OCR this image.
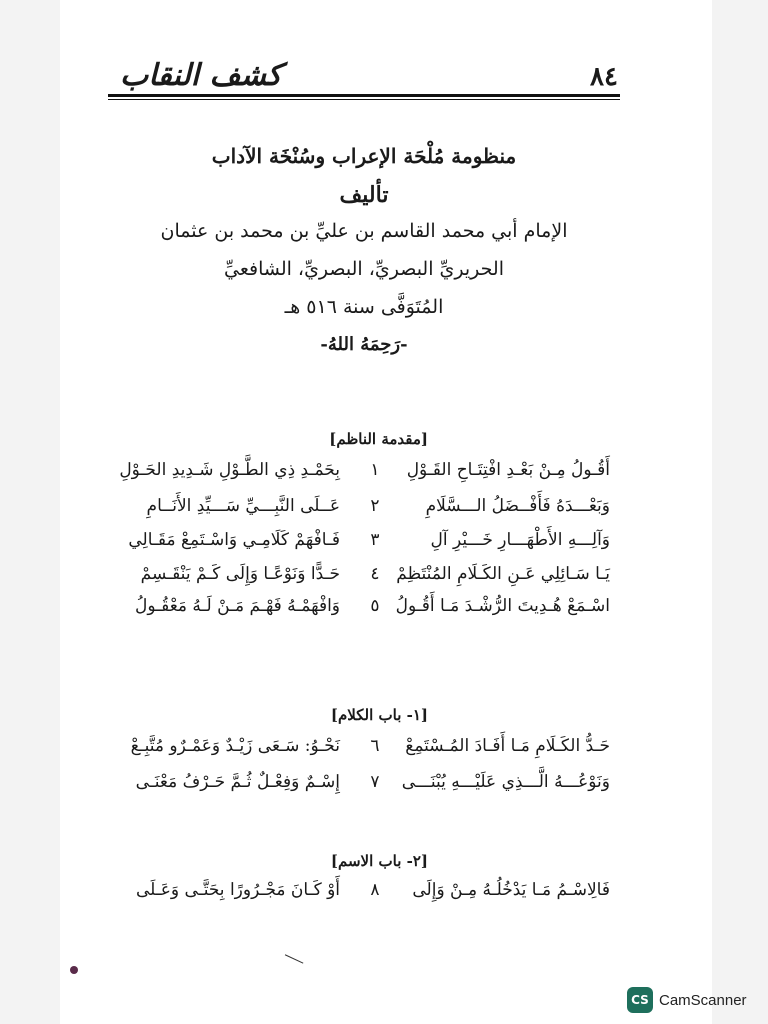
٨٤
كشف النقاب
منظومة مُلْحَة الإعراب وسُنْخَة الآداب
تأليف
الإمام أبي محمد القاسم بن عليِّ بن محمد بن عثمان
الحريريِّ البصريِّ، البصريِّ، الشافعيِّ
المُتَوَفَّى سنة ٥١٦ هـ
-رَحِمَهُ اللهُ-
[مقدمة الناظم]
أَقُـولُ مِـنْ بَعْـدِ افْتِتَـاحِ القَـوْلِ
١
بِحَمْـدِ ذِي الطَّـوْلِ شَـدِيدِ الحَـوْلِ
وَبَعْـــدَهُ فَأَفْــضَلُ الـــسَّلَامِ
٢
عَــلَى النَّبِـــيِّ سَـــيِّدِ الأَنَــامِ
وَآلِـــهِ الأَطْهَـــارِ خَـــيْرِ آلِ
٣
فَـافْهَمْ كَلَامِـي وَاسْـتَمِعْ مَقَـالِي
يَـا سَـائِلِي عَـنِ الكَـلَامِ المُنْتَظِمْ
٤
حَـدًّا وَنَوْعًـا وَإِلَى كَـمْ يَنْقَـسِمْ
اسْـمَعْ هُـدِيتَ الرُّشْـدَ مَـا أَقُـولُ
٥
وَافْهَمْـهُ فَهْـمَ مَـنْ لَـهُ مَعْقُـولُ
[١- باب الكلام]
حَـدُّ الكَـلَامِ مَـا أَفَـادَ المُـسْتَمِعْ
٦
نَحْـوُ: سَـعَى زَيْـدٌ وَعَمْـرٌو مُتَّبِـعْ
وَنَوْعُـــهُ الَّـــذِي عَلَيْـــهِ يُبْنَـــى
٧
إِسْـمٌ وَفِعْـلٌ ثُـمَّ حَـرْفُ مَعْنَـى
[٢- باب الاسم]
فَالِاسْـمُ مَـا يَدْخُلُـهُ مِـنْ وَإِلَى
٨
أَوْ كَـانَ مَجْـرُورًا بِحَتَّـى وَعَـلَى
CS CamScanner
